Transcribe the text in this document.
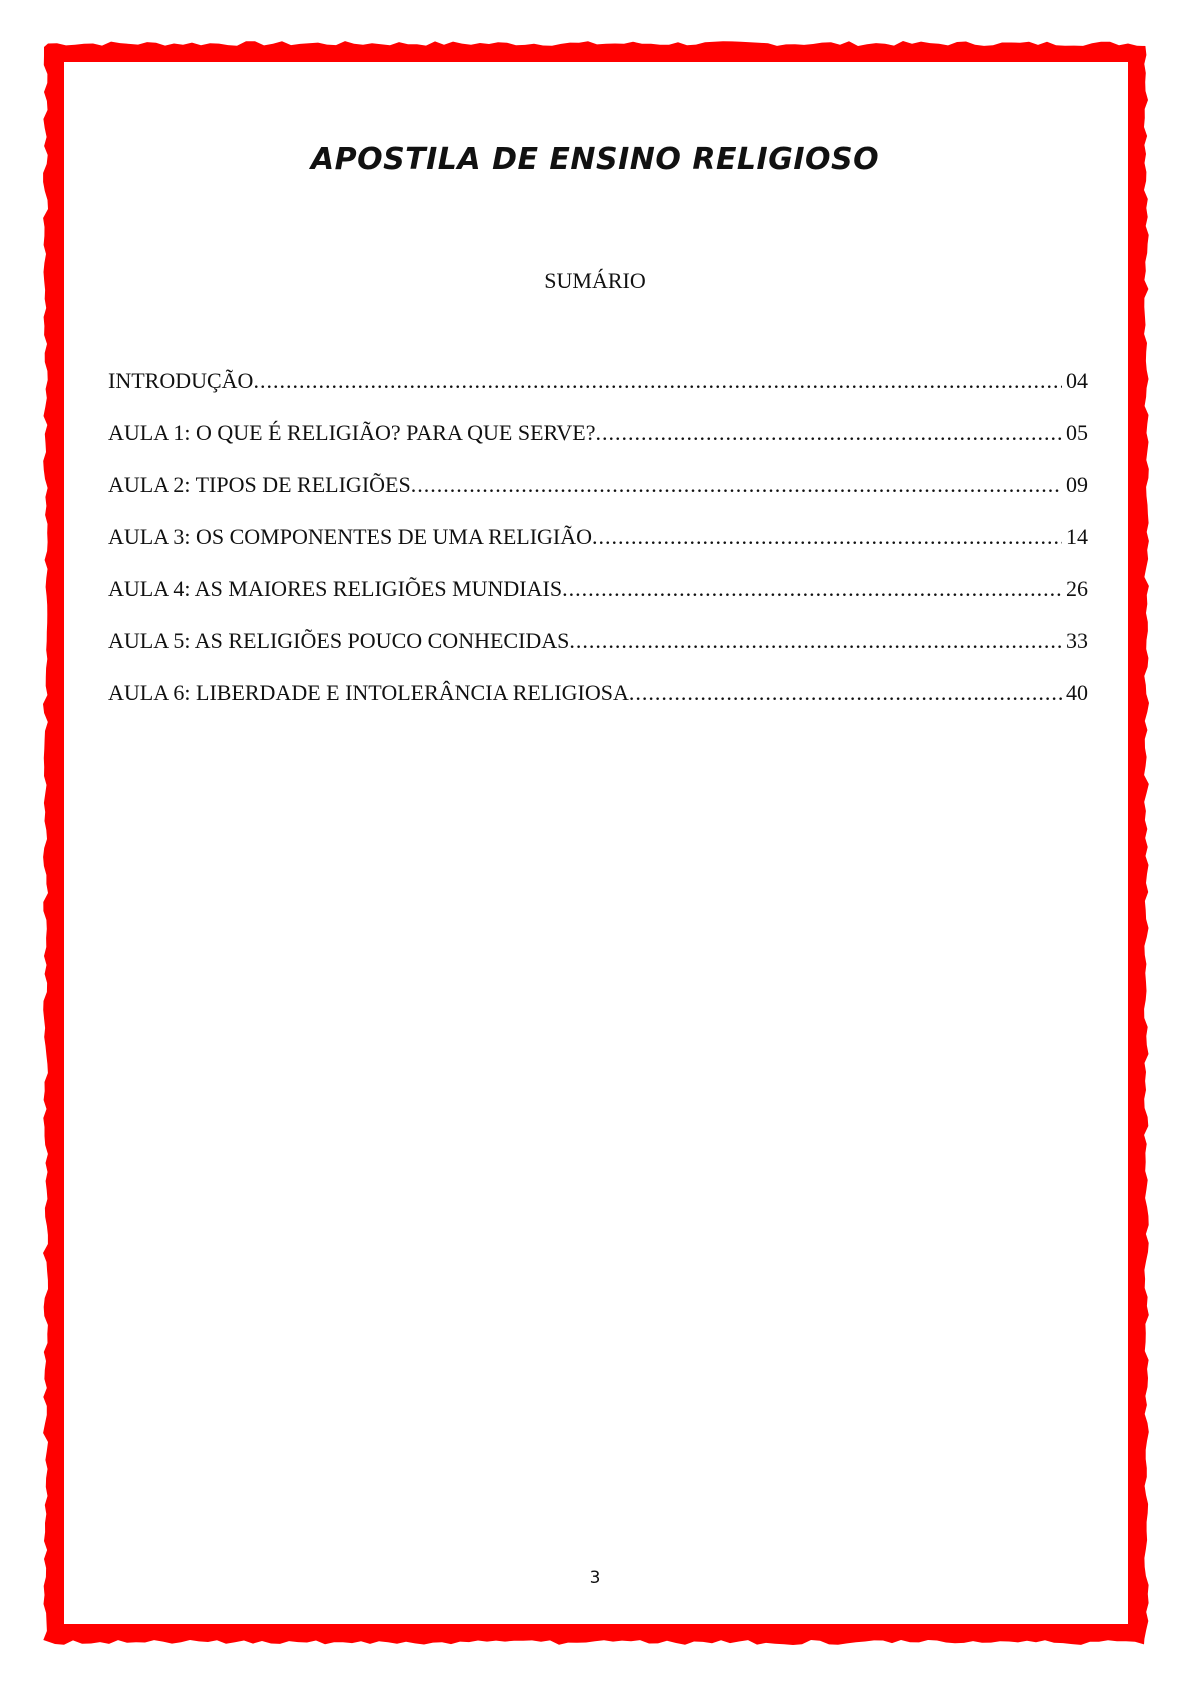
APOSTILA DE ENSINO RELIGIOSO
SUMÁRIO
INTRODUÇÃO .....	04
AULA 1: O QUE É RELIGIÃO? PARA QUE SERVE? .....	05
AULA 2: TIPOS DE RELIGIÕES .....	09
AULA 3: OS COMPONENTES DE UMA RELIGIÃO .....	14
AULA 4: AS MAIORES RELIGIÕES MUNDIAIS .....	26
AULA 5: AS RELIGIÕES POUCO CONHECIDAS .....	33
AULA 6: LIBERDADE E INTOLERÂNCIA RELIGIOSA .....	40
3
